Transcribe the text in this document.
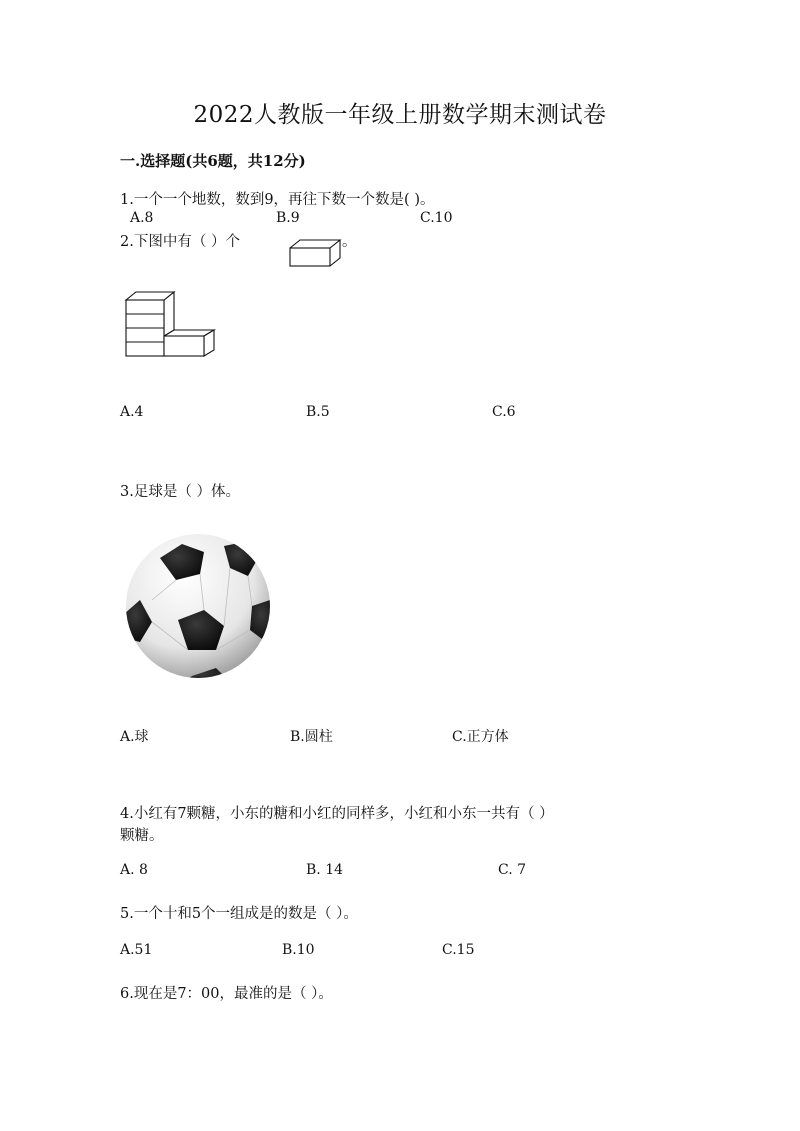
2022人教版一年级上册数学期末测试卷
一.选择题(共6题，共12分)
1.一个一个地数，数到9，再往下数一个数是( )。
A.8	B.9	C.10
2.下图中有（ ）个	。
A.4	B.5	C.6
3.足球是（ ）体。
A.球	B.圆柱	C.正方体
4.小红有7颗糖，小东的糖和小红的同样多，小红和小东一共有（ ）
颗糖。
A. 8	B. 14	C. 7
5.一个十和5个一组成是的数是（ ）。
A.51	B.10	C.15
6.现在是7：00，最准的是（ ）。
